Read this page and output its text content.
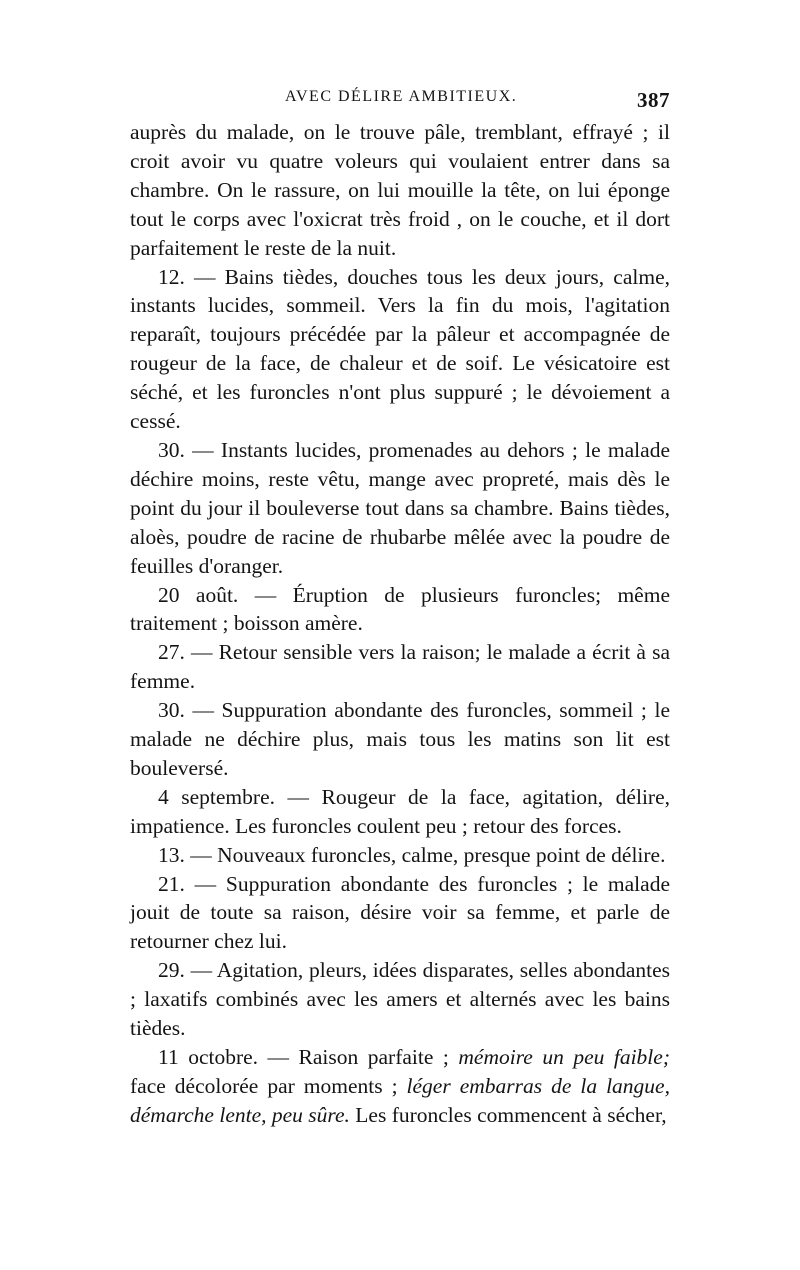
AVEC DÉLIRE AMBITIEUX.	387

auprès du malade, on le trouve pâle, tremblant, effrayé ; il croit avoir vu quatre voleurs qui voulaient entrer dans sa chambre. On le rassure, on lui mouille la tête, on lui éponge tout le corps avec l'oxicrat très froid , on le couche, et il dort parfaitement le reste de la nuit.

12. — Bains tièdes, douches tous les deux jours, calme, instants lucides, sommeil. Vers la fin du mois, l'agitation reparaît, toujours précédée par la pâleur et accompagnée de rougeur de la face, de chaleur et de soif. Le vésicatoire est séché, et les furoncles n'ont plus suppuré ; le dévoiement a cessé.

30. — Instants lucides, promenades au dehors ; le malade déchire moins, reste vêtu, mange avec propreté, mais dès le point du jour il bouleverse tout dans sa chambre. Bains tièdes, aloès, poudre de racine de rhubarbe mêlée avec la poudre de feuilles d'oranger.

20 août. — Éruption de plusieurs furoncles; même traitement ; boisson amère.

27. — Retour sensible vers la raison; le malade a écrit à sa femme.

30. — Suppuration abondante des furoncles, sommeil ; le malade ne déchire plus, mais tous les matins son lit est bouleversé.

4 septembre. — Rougeur de la face, agitation, délire, impatience. Les furoncles coulent peu ; retour des forces.

13. — Nouveaux furoncles, calme, presque point de délire.

21. — Suppuration abondante des furoncles ; le malade jouit de toute sa raison, désire voir sa femme, et parle de retourner chez lui.

29. — Agitation, pleurs, idées disparates, selles abondantes ; laxatifs combinés avec les amers et alternés avec les bains tièdes.

11 octobre. — Raison parfaite ; mémoire un peu faible; face décolorée par moments ; léger embarras de la langue, démarche lente, peu sûre. Les furoncles commencent à sécher,
